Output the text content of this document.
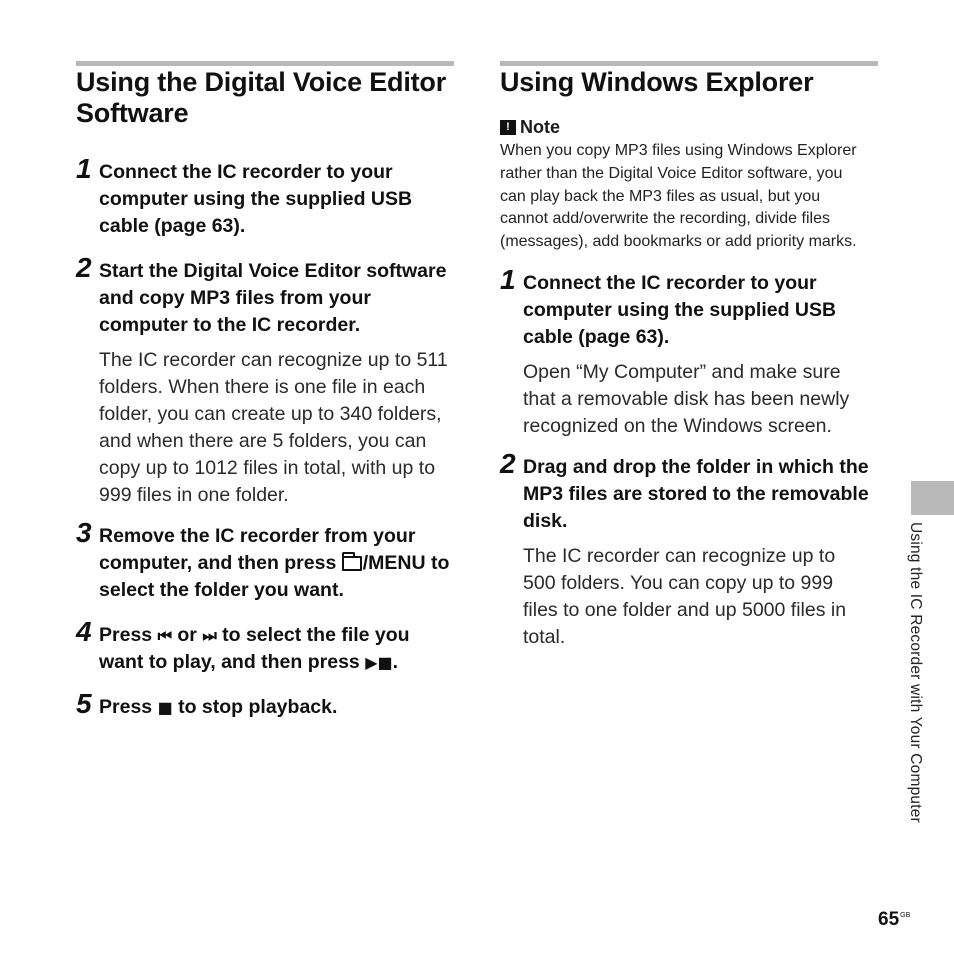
Using the Digital Voice Editor Software
1 Connect the IC recorder to your computer using the supplied USB cable (page 63).
2 Start the Digital Voice Editor software and copy MP3 files from your computer to the IC recorder.
The IC recorder can recognize up to 511 folders. When there is one file in each folder, you can create up to 340 folders, and when there are 5 folders, you can copy up to 1012 files in total, with up to 999 files in one folder.
3 Remove the IC recorder from your computer, and then press /MENU to select the folder you want.
4 Press ⏮ or ⏭ to select the file you want to play, and then press ▶■.
5 Press ■ to stop playback.
Using Windows Explorer
! Note
When you copy MP3 files using Windows Explorer rather than the Digital Voice Editor software, you can play back the MP3 files as usual, but you cannot add/overwrite the recording, divide files (messages), add bookmarks or add priority marks.
1 Connect the IC recorder to your computer using the supplied USB cable (page 63).
Open “My Computer” and make sure that a removable disk has been newly recognized on the Windows screen.
2 Drag and drop the folder in which the MP3 files are stored to the removable disk.
The IC recorder can recognize up to 500 folders. You can copy up to 999 files to one folder and up 5000 files in total.	Using the IC Recorder with Your Computer
$65^{GB}$
